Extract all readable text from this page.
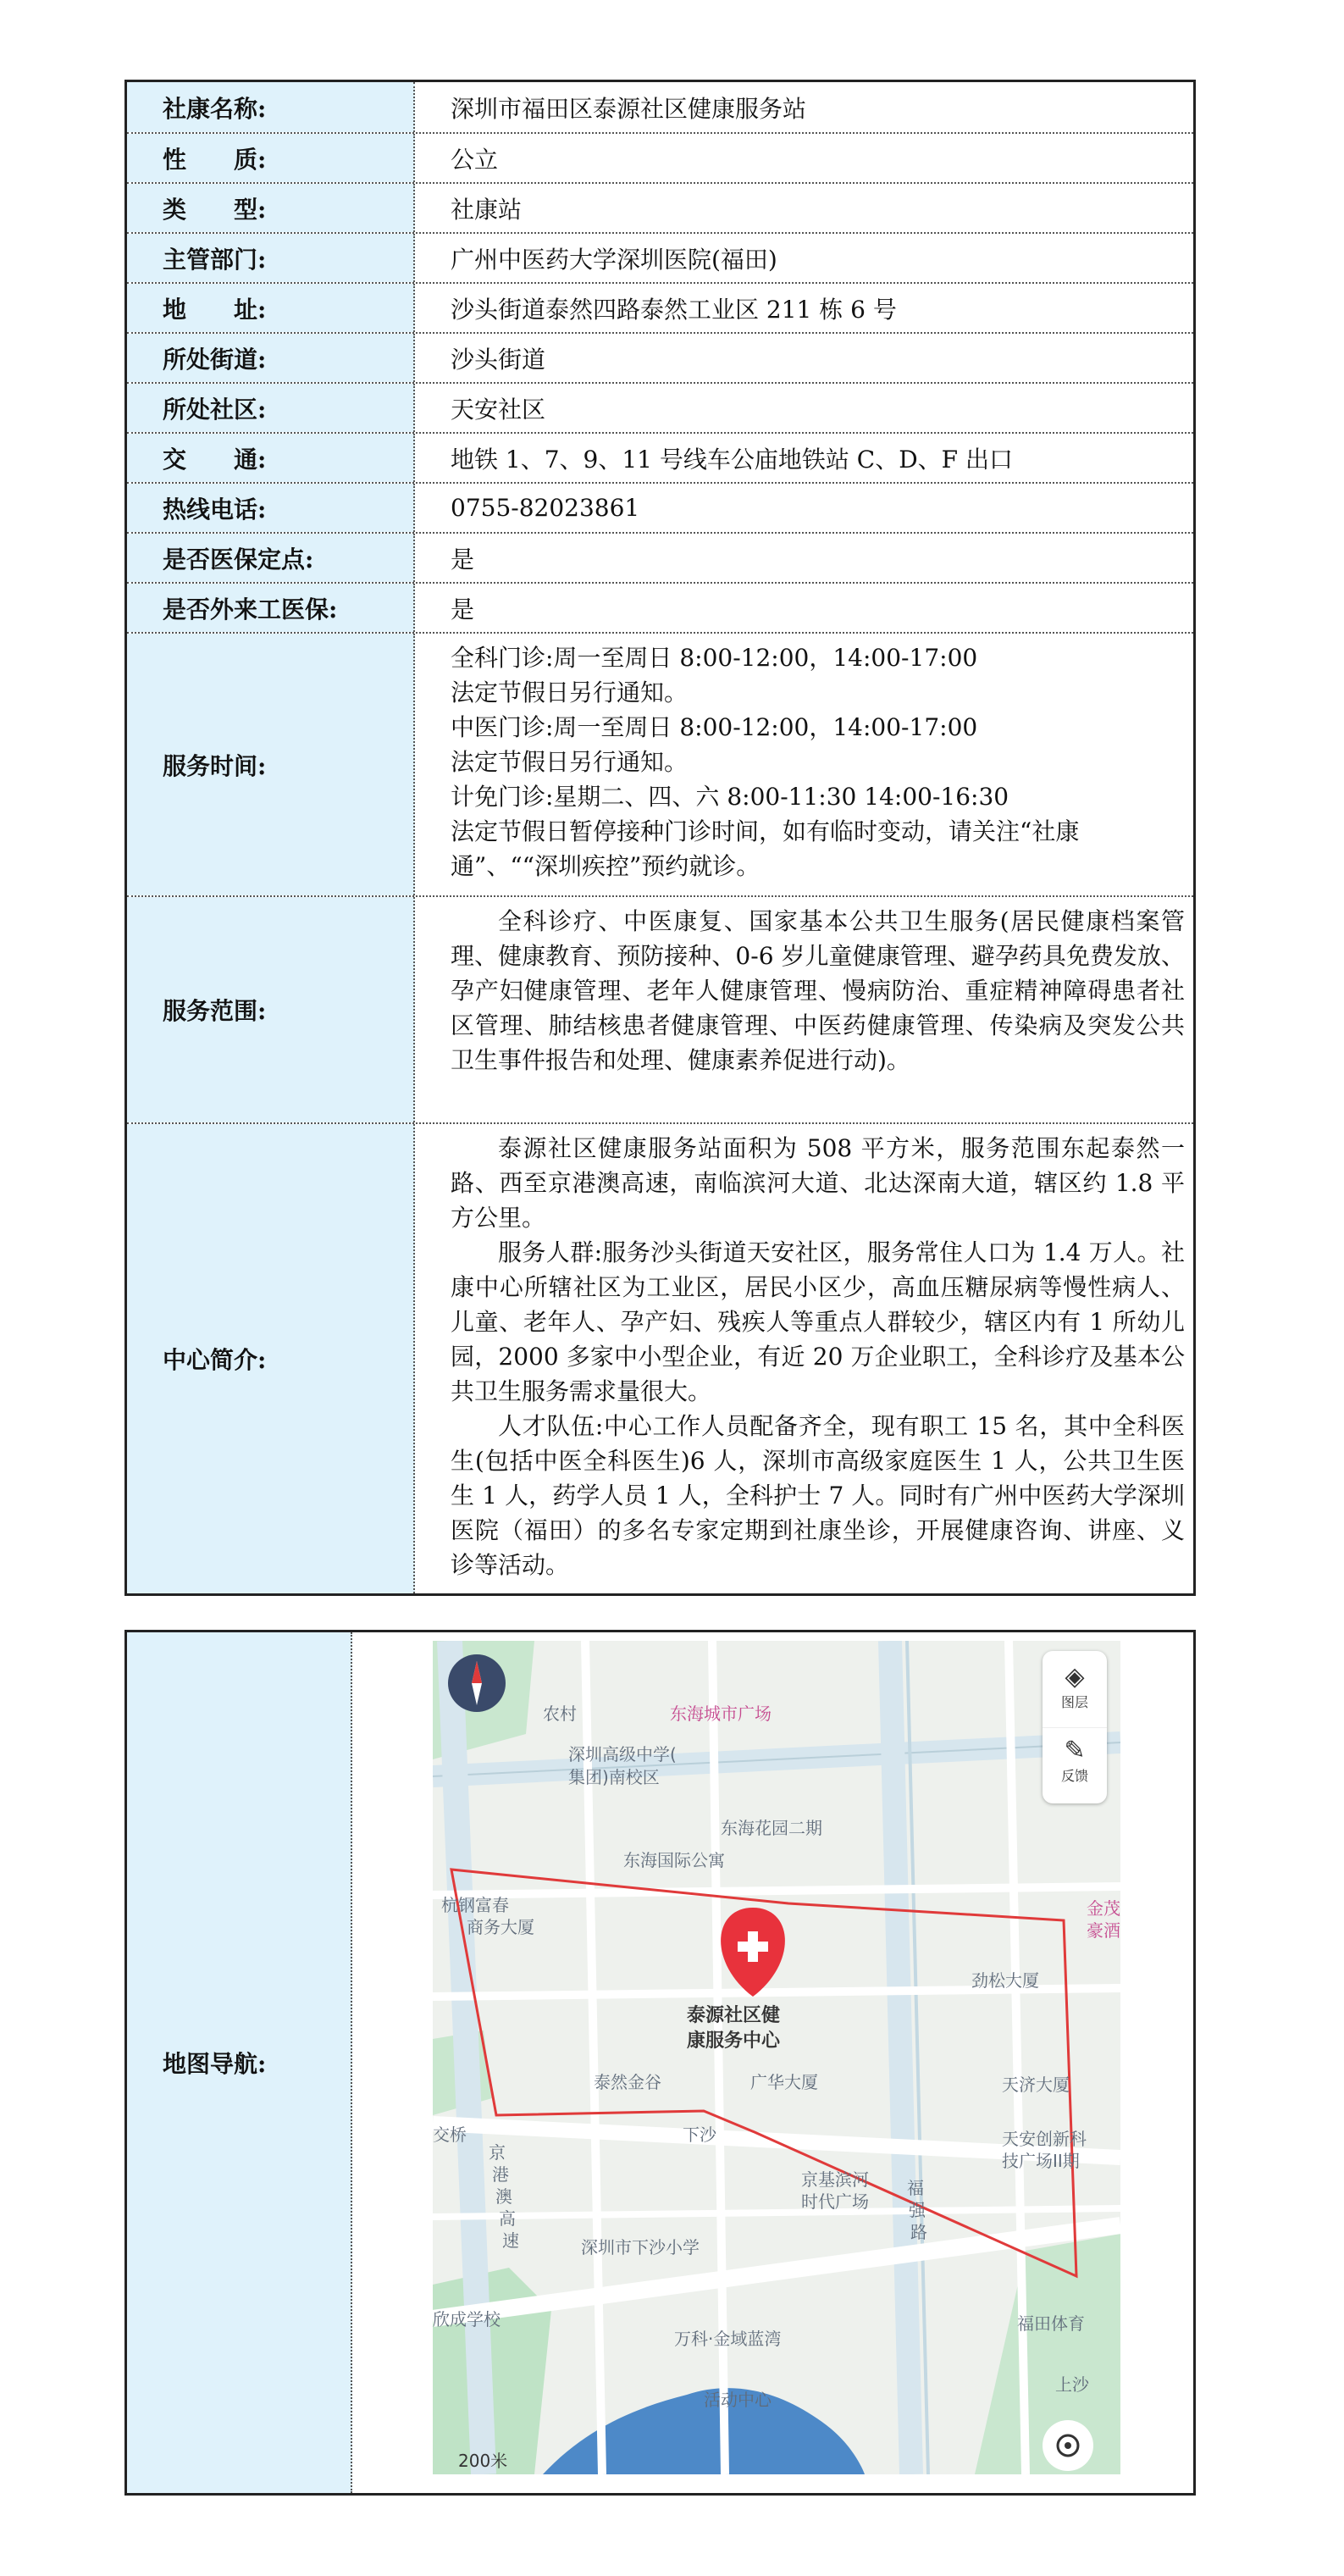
社康名称:	深圳市福田区泰源社区健康服务站
性　　质:	公立
类　　型:	社康站
主管部门:	广州中医药大学深圳医院(福田)
地　　址:	沙头街道泰然四路泰然工业区 211 栋 6 号
所处街道:	沙头街道
所处社区:	天安社区
交　　通:	地铁 1、7、9、11 号线车公庙地铁站 C、D、F 出口
热线电话:	0755-82023861
是否医保定点:	是
是否外来工医保:	是
服务时间:

全科门诊:周一至周日 8:00-12:00，14:00-17:00

法定节假日另行通知。

中医门诊:周一至周日 8:00-12:00，14:00-17:00

法定节假日另行通知。

计免门诊:星期二、四、六 8:00-11:30 14:00-16:30

法定节假日暂停接种门诊时间，如有临时变动，请关注“社康通”、““深圳疾控”预约就诊。

服务范围:

全科诊疗、中医康复、国家基本公共卫生服务(居民健康档案管理、健康教育、预防接种、0-6 岁儿童健康管理、避孕药具免费发放、孕产妇健康管理、老年人健康管理、慢病防治、重症精神障碍患者社区管理、肺结核患者健康管理、中医药健康管理、传染病及突发公共卫生事件报告和处理、健康素养促进行动)。

中心简介:

泰源社区健康服务站面积为 508 平方米，服务范围东起泰然一路、西至京港澳高速，南临滨河大道、北达深南大道，辖区约 1.8 平方公里。

服务人群:服务沙头街道天安社区，服务常住人口为 1.4 万人。社康中心所辖社区为工业区，居民小区少，高血压糖尿病等慢性病人、儿童、老年人、孕产妇、残疾人等重点人群较少，辖区内有 1 所幼儿园，2000 多家中小型企业，有近 20 万企业职工，全科诊疗及基本公共卫生服务需求量很大。

人才队伍:中心工作人员配备齐全，现有职工 15 名，其中全科医生(包括中医全科医生)6 人，深圳市高级家庭医生 1 人，公共卫生医生 1 人，药学人员 1 人，全科护士 7 人。同时有广州中医药大学深圳医院（福田）的多名专家定期到社康坐诊，开展健康咨询、讲座、义诊等活动。

地图导航:
◈
图层
✎
反馈
农村	东海城市广场
深圳高级中学(
集团)南校区
东海花园二期
东海国际公寓
杭钢富春
商务大厦
金茂
豪酒
劲松大厦
泰源社区健
康服务中心
泰然金谷	广华大厦	天济大厦
交桥	下沙	天安创新科
技广场II期
京基滨河
时代广场
京
港
澳
高
速
福
强
路
深圳市下沙小学
欣成学校
万科·金域蓝湾
福田体育
活动中心
上沙
200米
